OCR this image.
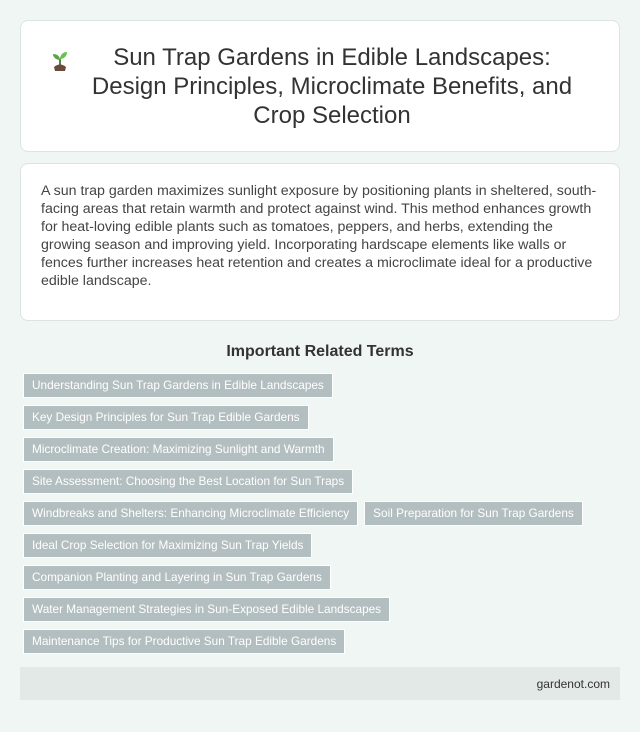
Sun Trap Gardens in Edible Landscapes: Design Principles, Microclimate Benefits, and Crop Selection

A sun trap garden maximizes sunlight exposure by positioning plants in sheltered, south-facing areas that retain warmth and protect against wind. This method enhances growth for heat-loving edible plants such as tomatoes, peppers, and herbs, extending the growing season and improving yield. Incorporating hardscape elements like walls or fences further increases heat retention and creates a microclimate ideal for a productive edible landscape.

Important Related Terms
Understanding Sun Trap Gardens in Edible Landscapes
Key Design Principles for Sun Trap Edible Gardens
Microclimate Creation: Maximizing Sunlight and Warmth
Site Assessment: Choosing the Best Location for Sun Traps
Windbreaks and Shelters: Enhancing Microclimate Efficiency	Soil Preparation for Sun Trap Gardens
Ideal Crop Selection for Maximizing Sun Trap Yields
Companion Planting and Layering in Sun Trap Gardens
Water Management Strategies in Sun-Exposed Edible Landscapes
Maintenance Tips for Productive Sun Trap Edible Gardens
gardenot.com
